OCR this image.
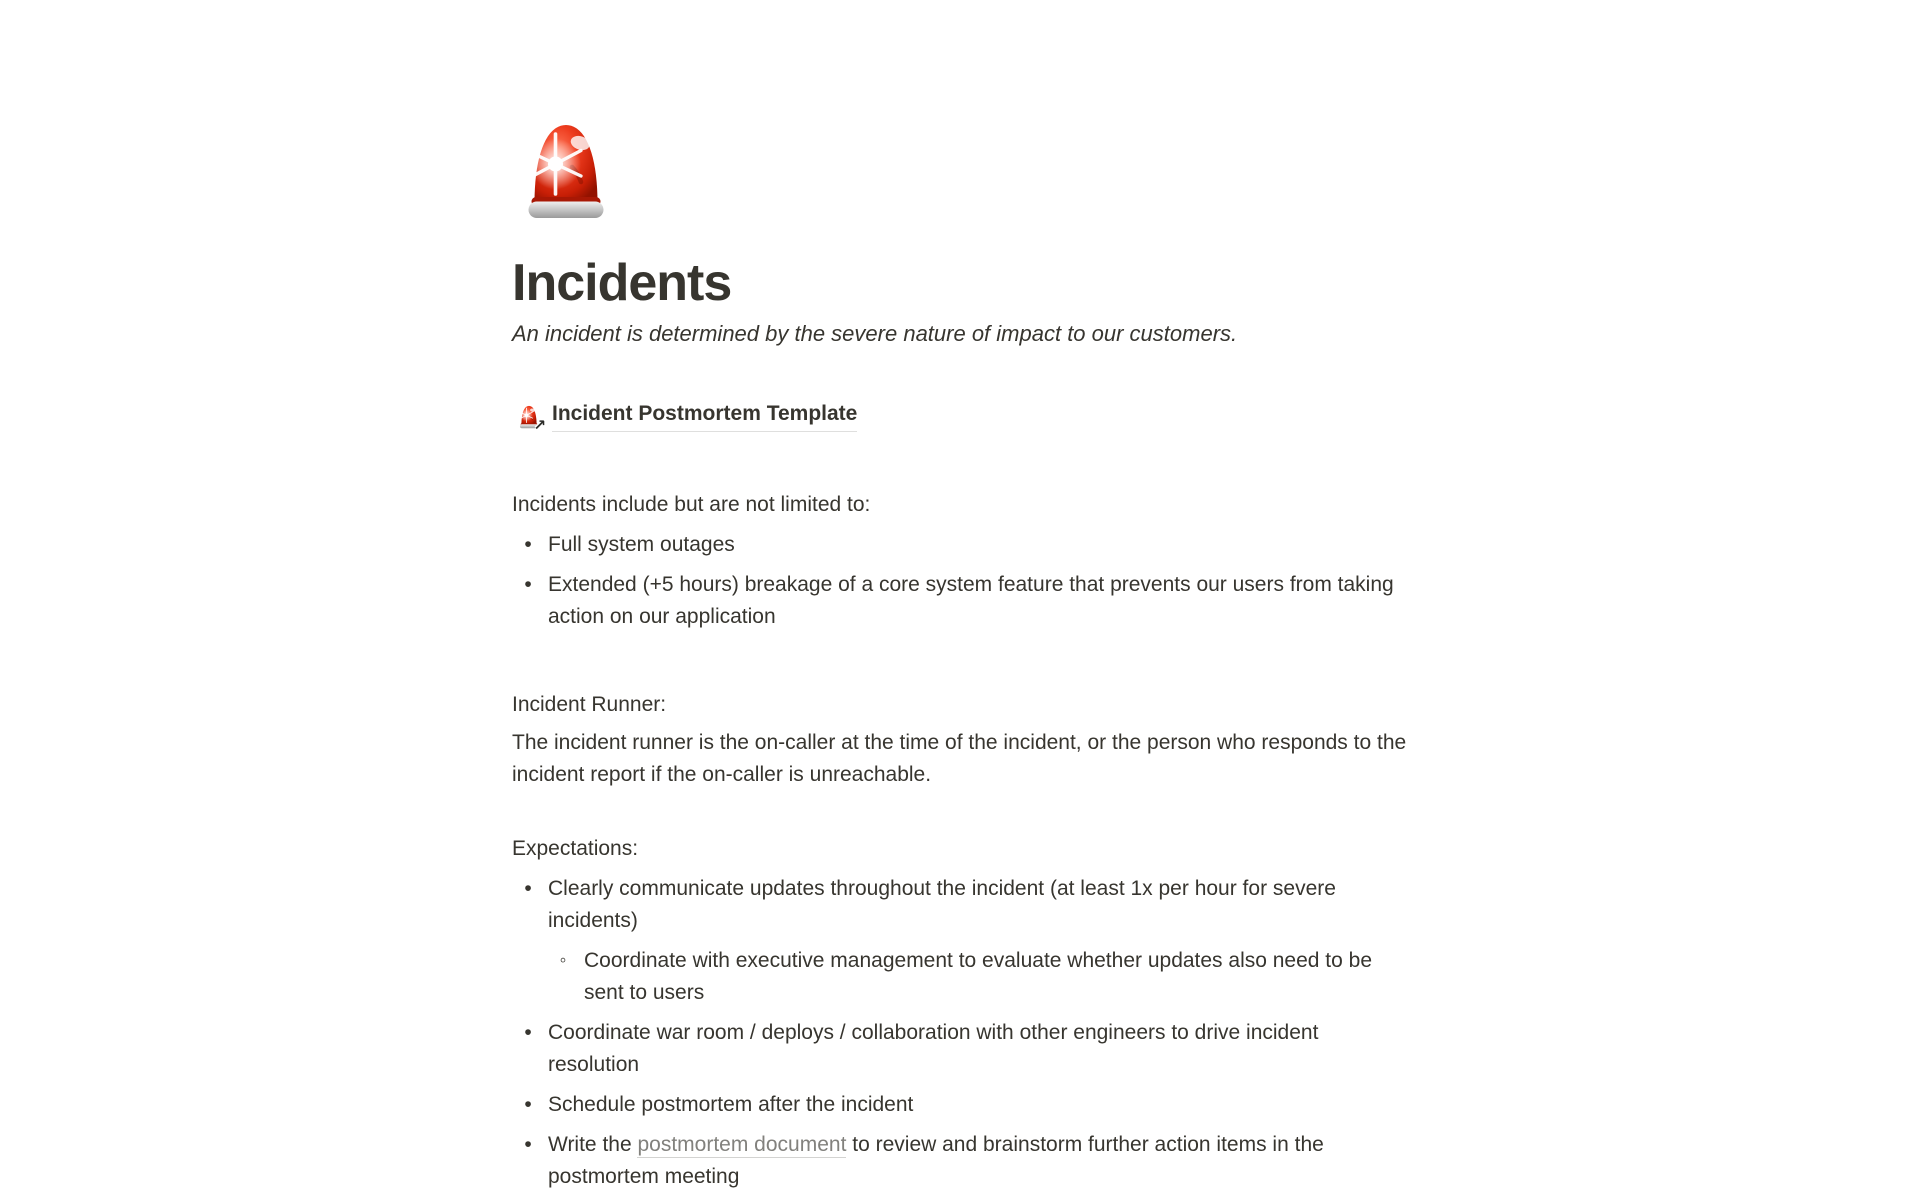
Incidents

An incident is determined by the severe nature of impact to our customers.

↗ Incident Postmortem Template

Incidents include but are not limited to:

• Full system outages
• Extended (+5 hours) breakage of a core system feature that prevents our users from taking action on our application

Incident Runner:

The incident runner is the on-caller at the time of the incident, or the person who responds to the incident report if the on-caller is unreachable.

Expectations:

• Clearly communicate updates throughout the incident (at least 1x per hour for severe incidents)
◦ Coordinate with executive management to evaluate whether updates also need to be sent to users
• Coordinate war room / deploys / collaboration with other engineers to drive incident resolution
• Schedule postmortem after the incident
• Write the postmortem document to review and brainstorm further action items in the postmortem meeting
